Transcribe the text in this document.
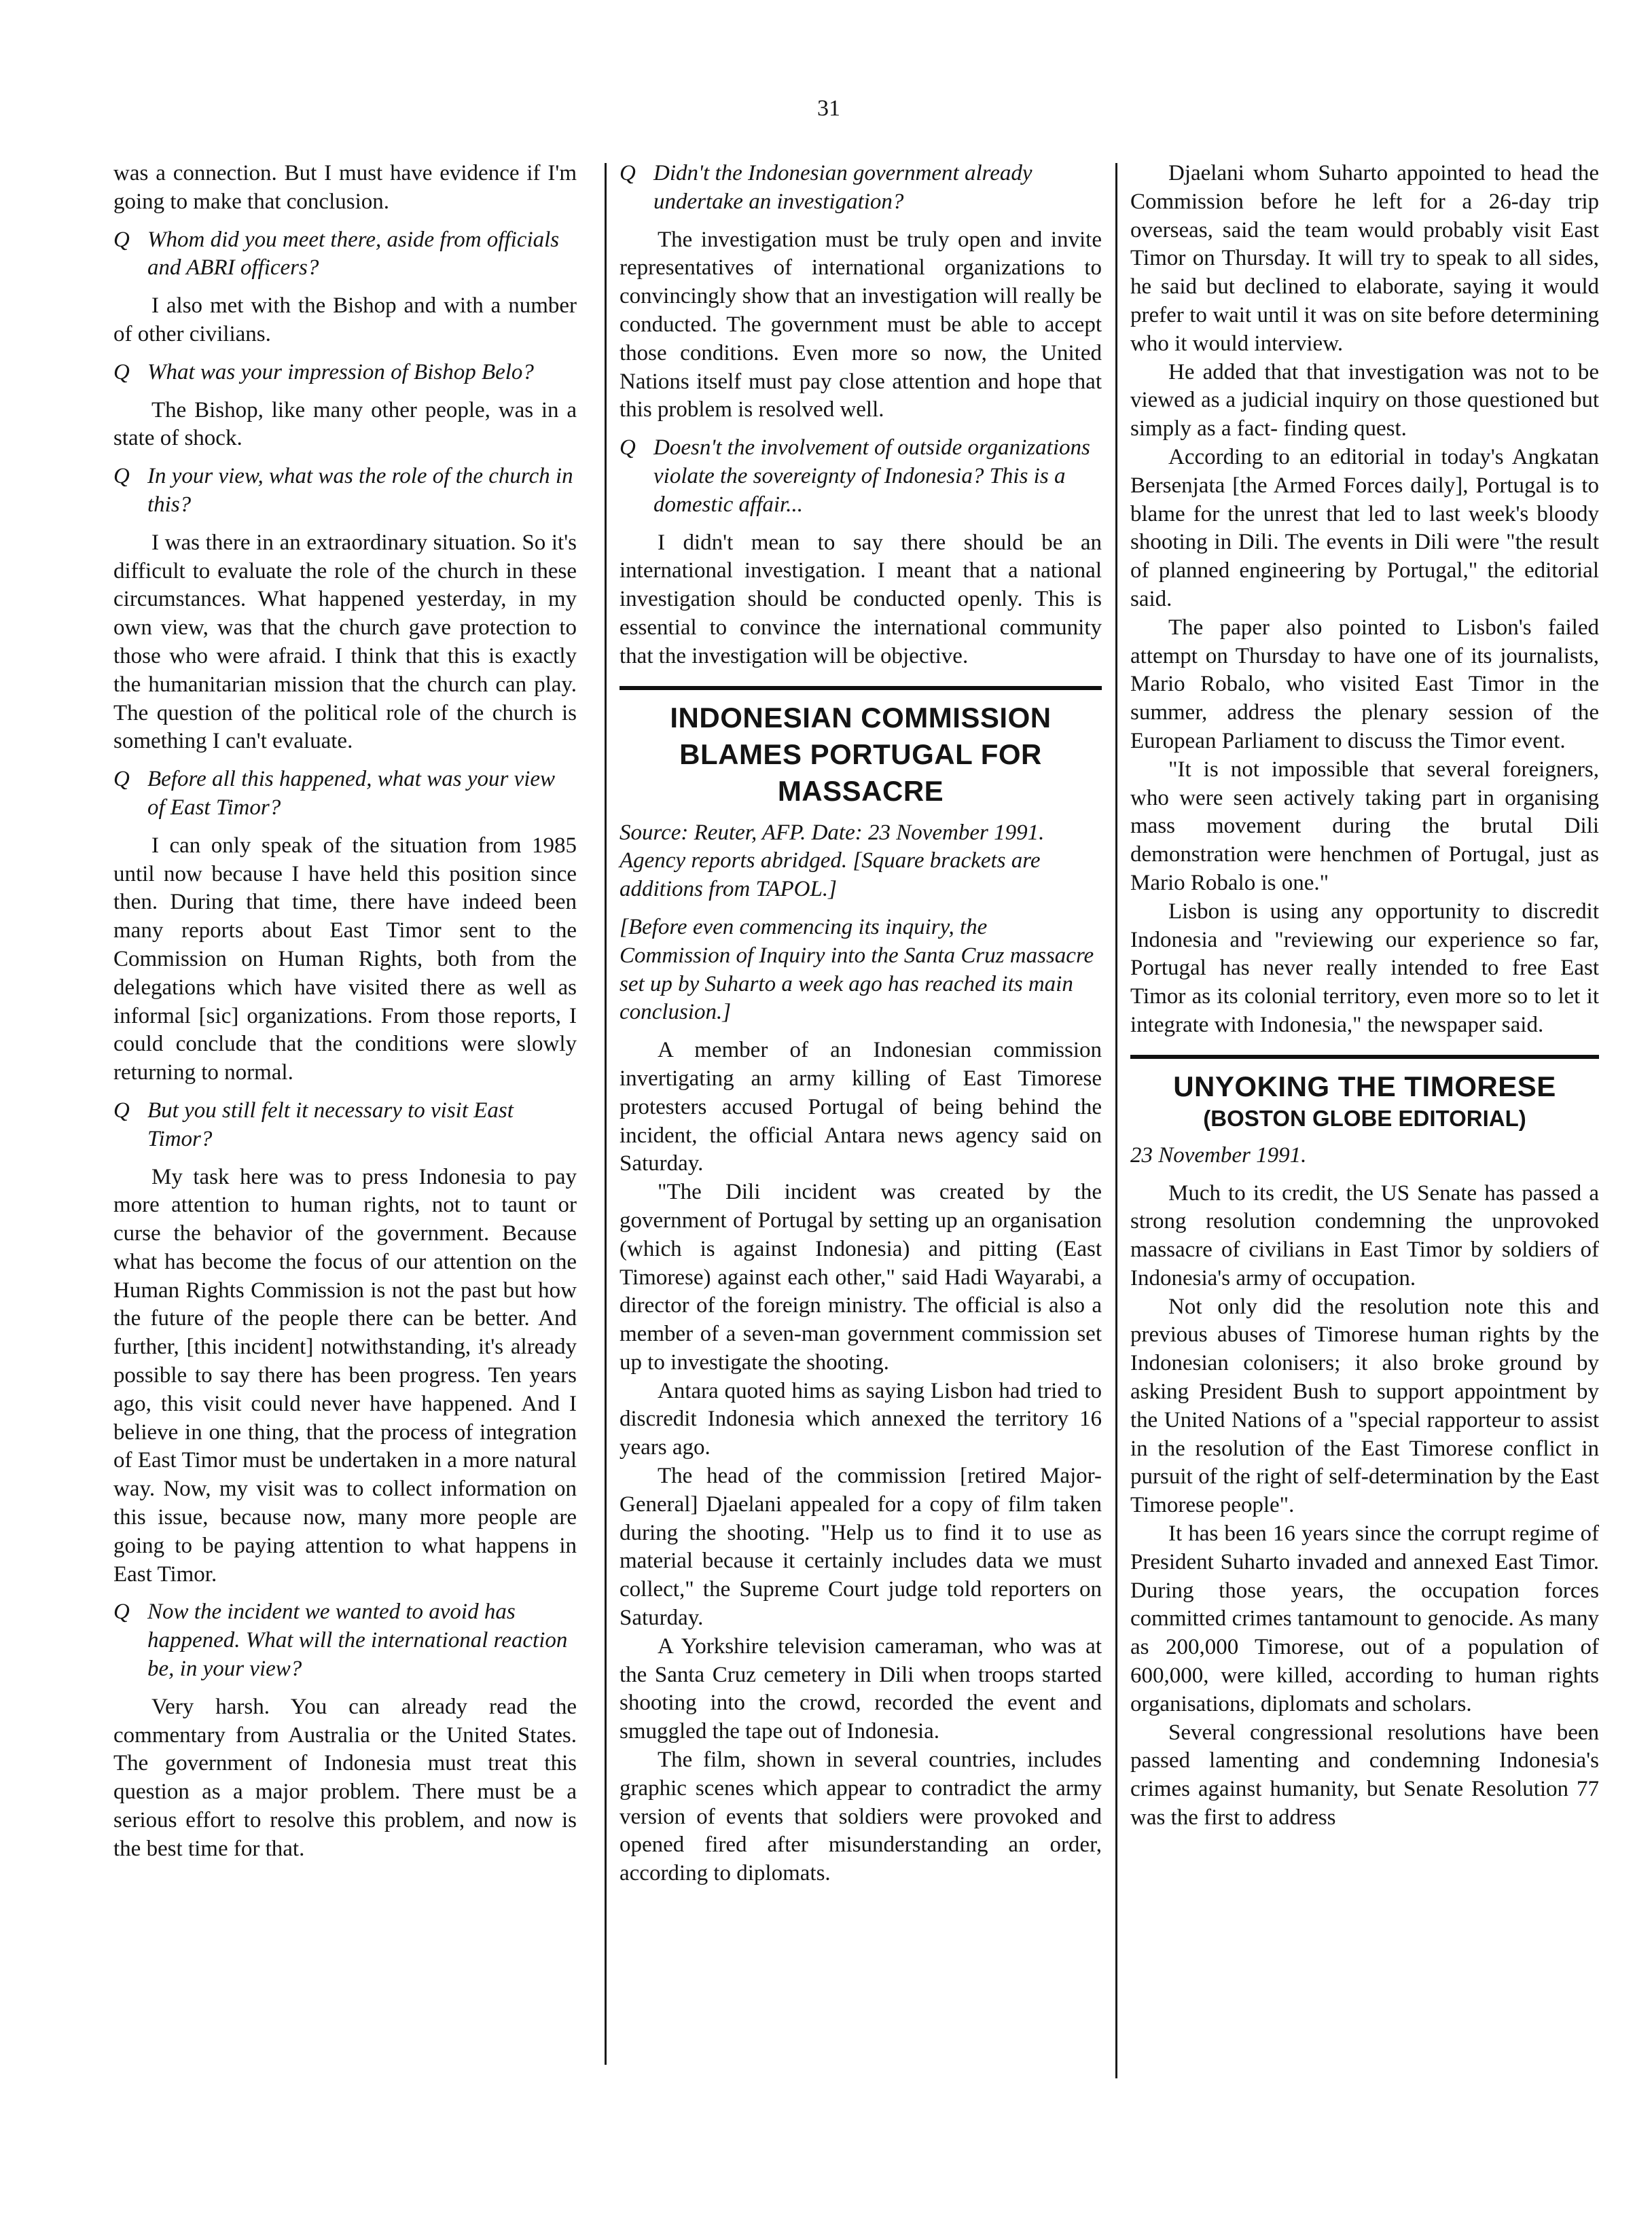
31

was a connection. But I must have evidence if I'm going to make that conclusion.

Q Whom did you meet there, aside from officials and ABRI officers?

I also met with the Bishop and with a number of other civilians.

Q What was your impression of Bishop Belo?

The Bishop, like many other people, was in a state of shock.

Q In your view, what was the role of the church in this?

I was there in an extraordinary situation. So it's difficult to evaluate the role of the church in these circumstances. What happened yesterday, in my own view, was that the church gave protection to those who were afraid. I think that this is exactly the humanitarian mission that the church can play. The question of the political role of the church is something I can't evaluate.

Q Before all this happened, what was your view of East Timor?

I can only speak of the situation from 1985 until now because I have held this position since then. During that time, there have indeed been many reports about East Timor sent to the Commission on Human Rights, both from the delegations which have visited there as well as informal [sic] organizations. From those reports, I could conclude that the conditions were slowly returning to normal.

Q But you still felt it necessary to visit East Timor?

My task here was to press Indonesia to pay more attention to human rights, not to taunt or curse the behavior of the government. Because what has become the focus of our attention on the Human Rights Commission is not the past but how the future of the people there can be better. And further, [this incident] notwithstanding, it's already possible to say there has been progress. Ten years ago, this visit could never have happened. And I believe in one thing, that the process of integration of East Timor must be undertaken in a more natural way. Now, my visit was to collect information on this issue, because now, many more people are going to be paying attention to what happens in East Timor.

Q Now the incident we wanted to avoid has happened. What will the international reaction be, in your view?

Very harsh. You can already read the commentary from Australia or the United States. The government of Indonesia must treat this question as a major problem. There must be a serious effort to resolve this problem, and now is the best time for that.

Q Didn't the Indonesian government already undertake an investigation?

The investigation must be truly open and invite representatives of international organizations to convincingly show that an investigation will really be conducted. The government must be able to accept those conditions. Even more so now, the United Nations itself must pay close attention and hope that this problem is resolved well.

Q Doesn't the involvement of outside organizations violate the sovereignty of Indonesia? This is a domestic affair...

I didn't mean to say there should be an international investigation. I meant that a national investigation should be conducted openly. This is essential to convince the international community that the investigation will be objective.

INDONESIAN COMMISSION BLAMES PORTUGAL FOR MASSACRE

Source: Reuter, AFP. Date: 23 November 1991. Agency reports abridged. [Square brackets are additions from TAPOL.]

[Before even commencing its inquiry, the Commission of Inquiry into the Santa Cruz massacre set up by Suharto a week ago has reached its main conclusion.]

A member of an Indonesian commission invertigating an army killing of East Timorese protesters accused Portugal of being behind the incident, the official Antara news agency said on Saturday.

"The Dili incident was created by the government of Portugal by setting up an organisation (which is against Indonesia) and pitting (East Timorese) against each other," said Hadi Wayarabi, a director of the foreign ministry. The official is also a member of a seven-man government commission set up to investigate the shooting.

Antara quoted hims as saying Lisbon had tried to discredit Indonesia which annexed the territory 16 years ago.

The head of the commission [retired Major-General] Djaelani appealed for a copy of film taken during the shooting. "Help us to find it to use as material because it certainly includes data we must collect," the Supreme Court judge told reporters on Saturday.

A Yorkshire television cameraman, who was at the Santa Cruz cemetery in Dili when troops started shooting into the crowd, recorded the event and smuggled the tape out of Indonesia.

The film, shown in several countries, includes graphic scenes which appear to contradict the army version of events that soldiers were provoked and opened fired after misunderstanding an order, according to diplomats.

Djaelani whom Suharto appointed to head the Commission before he left for a 26-day trip overseas, said the team would probably visit East Timor on Thursday. It will try to speak to all sides, he said but declined to elaborate, saying it would prefer to wait until it was on site before determining who it would interview.

He added that that investigation was not to be viewed as a judicial inquiry on those questioned but simply as a fact- finding quest.

According to an editorial in today's Angkatan Bersenjata [the Armed Forces daily], Portugal is to blame for the unrest that led to last week's bloody shooting in Dili. The events in Dili were "the result of planned engineering by Portugal," the editorial said.

The paper also pointed to Lisbon's failed attempt on Thursday to have one of its journalists, Mario Robalo, who visited East Timor in the summer, address the plenary session of the European Parliament to discuss the Timor event.

"It is not impossible that several foreigners, who were seen actively taking part in organising mass movement during the brutal Dili demonstration were henchmen of Portugal, just as Mario Robalo is one."

Lisbon is using any opportunity to discredit Indonesia and "reviewing our experience so far, Portugal has never really intended to free East Timor as its colonial territory, even more so to let it integrate with Indonesia," the newspaper said.

UNYOKING THE TIMORESE
(BOSTON GLOBE EDITORIAL)

23 November 1991.

Much to its credit, the US Senate has passed a strong resolution condemning the unprovoked massacre of civilians in East Timor by soldiers of Indonesia's army of occupation.

Not only did the resolution note this and previous abuses of Timorese human rights by the Indonesian colonisers; it also broke ground by asking President Bush to support appointment by the United Nations of a "special rapporteur to assist in the resolution of the East Timorese conflict in pursuit of the right of self-determination by the East Timorese people".

It has been 16 years since the corrupt regime of President Suharto invaded and annexed East Timor. During those years, the occupation forces committed crimes tantamount to genocide. As many as 200,000 Timorese, out of a population of 600,000, were killed, according to human rights organisations, diplomats and scholars.

Several congressional resolutions have been passed lamenting and condemning Indonesia's crimes against humanity, but Senate Resolution 77 was the first to address
